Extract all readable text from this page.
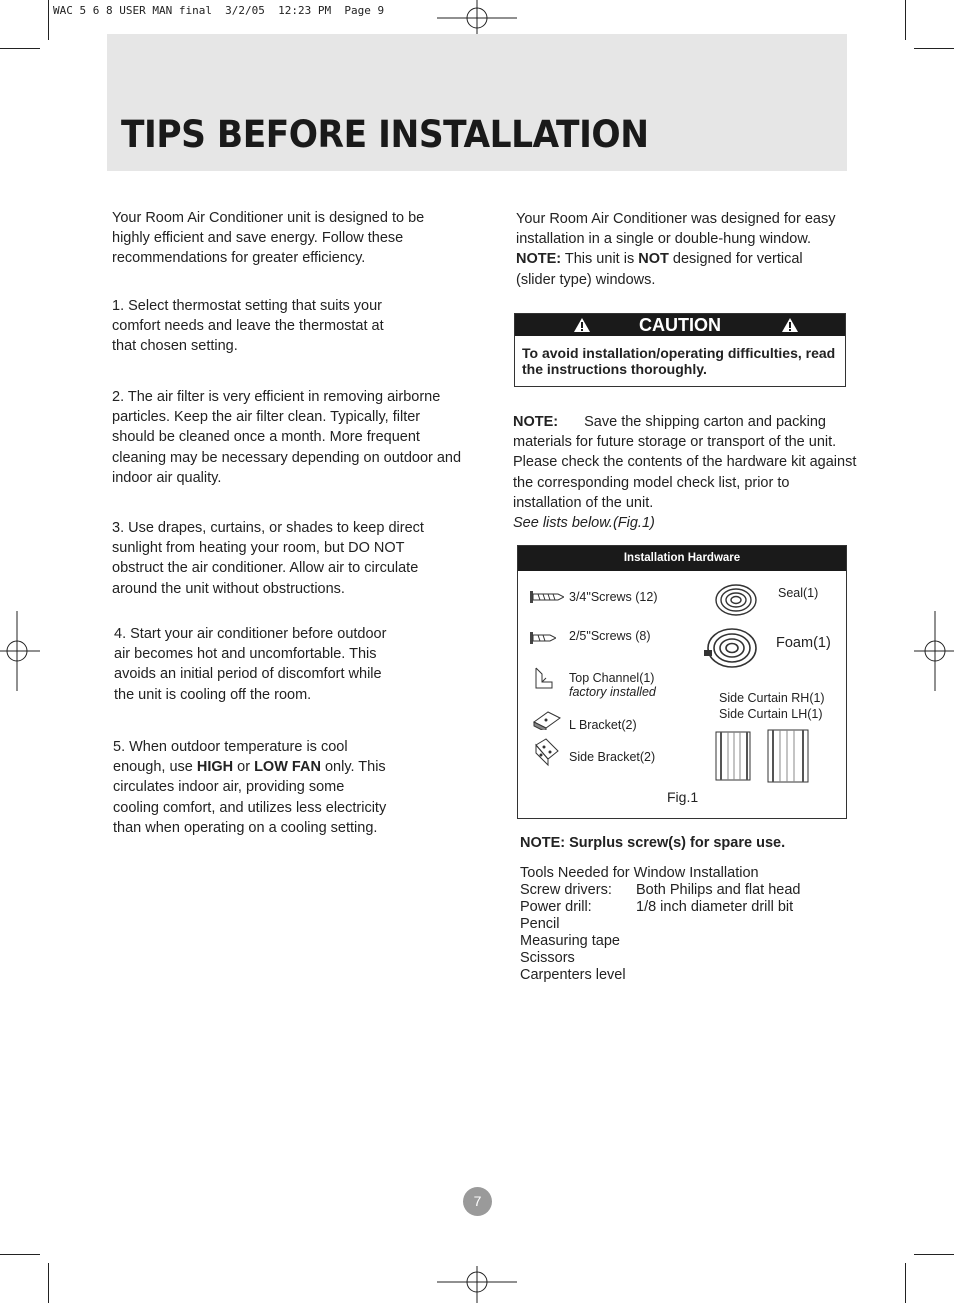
WAC 5 6 8 USER MAN final  3/2/05  12:23 PM  Page 9
TIPS BEFORE INSTALLATION
Your Room Air Conditioner unit is designed to be highly efficient and save energy. Follow these recommendations for greater efficiency.
1. Select thermostat setting that suits your comfort needs and leave the thermostat at that chosen setting.
2. The air filter is very efficient in removing airborne particles. Keep the air filter clean. Typically, filter should be cleaned once a month. More frequent cleaning may be necessary depending on outdoor and indoor air quality.
3. Use drapes, curtains, or shades to keep direct sunlight from heating your room, but DO NOT obstruct the air conditioner. Allow air to circulate around the unit without obstructions.
4. Start your air conditioner before outdoor air becomes hot and uncomfortable. This avoids an initial period of discomfort while the unit is cooling off the room.
5. When outdoor temperature is cool enough, use HIGH or LOW FAN only. This circulates indoor air, providing some cooling comfort, and utilizes less electricity than when operating on a cooling setting.
Your Room Air Conditioner was designed for easy installation in a single or double-hung window. NOTE: This unit is NOT designed for vertical (slider type) windows.
CAUTION
To avoid installation/operating difficulties, read the instructions thoroughly.
NOTE: Save the shipping carton and packing materials for future storage or transport of the unit. Please check the contents of the hardware kit against the corresponding model check list, prior to installation of the unit.
See lists below.(Fig.1)
Installation Hardware
3/4"Screws (12)
2/5"Screws (8)
Top Channel(1)
factory installed
L Bracket(2)
Side Bracket(2)
Seal(1)
Foam(1)
Side Curtain RH(1)
Side Curtain LH(1)
Fig.1
NOTE: Surplus screw(s) for spare use.
Tools Needed for Window Installation
Screw drivers: Both Philips and flat head
Power drill:	1/8 inch diameter drill bit
Pencil
Measuring tape
Scissors
Carpenters level
7
